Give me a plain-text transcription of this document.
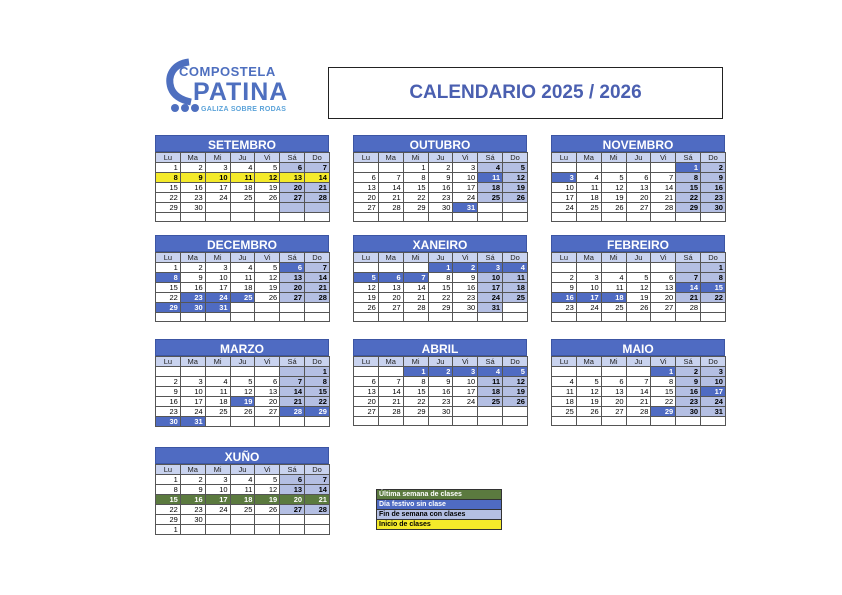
COMPOSTELA
PATINA
GALIZA SOBRE RODAS
CALENDARIO 2025 / 2026
SETEMBRO
Lu	Ma	Mi	Ju	Vi	Sá	Do
1	2	3	4	5	6	7
8	9	10	11	12	13	14
15	16	17	18	19	20	21
22	23	24	25	26	27	28
29	30					

OUTUBRO
Lu	Ma	Mi	Ju	Vi	Sá	Do
		1	2	3	4	5
6	7	8	9	10	11	12
13	14	15	16	17	18	19
20	21	22	23	24	25	26
27	28	29	30	31		

NOVEMBRO
Lu	Ma	Mi	Ju	Vi	Sá	Do
					1	2
3	4	5	6	7	8	9
10	11	12	13	14	15	16
17	18	19	20	21	22	23
24	25	26	27	28	29	30

DECEMBRO
Lu	Ma	Mi	Ju	Vi	Sá	Do
1	2	3	4	5	6	7
8	9	10	11	12	13	14
15	16	17	18	19	20	21
22	23	24	25	26	27	28
29	30	31				

XANEIRO
Lu	Ma	Mi	Ju	Vi	Sá	Do
			1	2	3	4
5	6	7	8	9	10	11
12	13	14	15	16	17	18
19	20	21	22	23	24	25
26	27	28	29	30	31	

FEBREIRO
Lu	Ma	Mi	Ju	Vi	Sá	Do
						1
2	3	4	5	6	7	8
9	10	11	12	13	14	15
16	17	18	19	20	21	22
23	24	25	26	27	28	

MARZO
Lu	Ma	Mi	Ju	Vi	Sá	Do
						1
2	3	4	5	6	7	8
9	10	11	12	13	14	15
16	17	18	19	20	21	22
23	24	25	26	27	28	29
30	31					
ABRIL
Lu	Ma	Mi	Ju	Vi	Sá	Do
		1	2	3	4	5
6	7	8	9	10	11	12
13	14	15	16	17	18	19
20	21	22	23	24	25	26
27	28	29	30			

MAIO
Lu	Ma	Mi	Ju	Vi	Sá	Do
				1	2	3
4	5	6	7	8	9	10
11	12	13	14	15	16	17
18	19	20	21	22	23	24
25	26	27	28	29	30	31

XUÑO
Lu	Ma	Mi	Ju	Vi	Sá	Do
1	2	3	4	5	6	7
8	9	10	11	12	13	14
15	16	17	18	19	20	21
22	23	24	25	26	27	28
29	30					
1						
Última semana de clases
Día festivo sin clase
Fin de semana con clases
Inicio de clases
